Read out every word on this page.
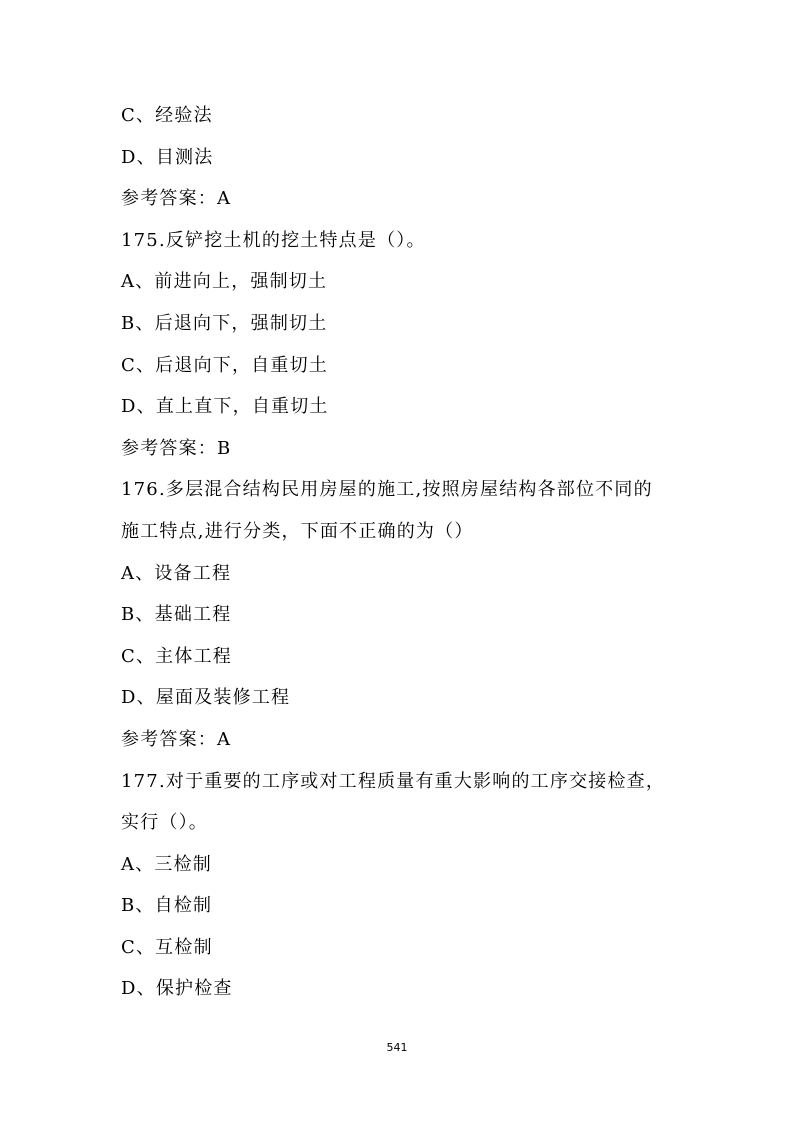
C、经验法
D、目测法
参考答案：A
175.反铲挖土机的挖土特点是（）。
A、前进向上，强制切土
B、后退向下，强制切土
C、后退向下，自重切土
D、直上直下，自重切土
参考答案：B
176.多层混合结构民用房屋的施工,按照房屋结构各部位不同的
施工特点,进行分类，下面不正确的为（）
A、设备工程
B、基础工程
C、主体工程
D、屋面及装修工程
参考答案：A
177.对于重要的工序或对工程质量有重大影响的工序交接检查，
实行（）。
A、三检制
B、自检制
C、互检制
D、保护检查
541
